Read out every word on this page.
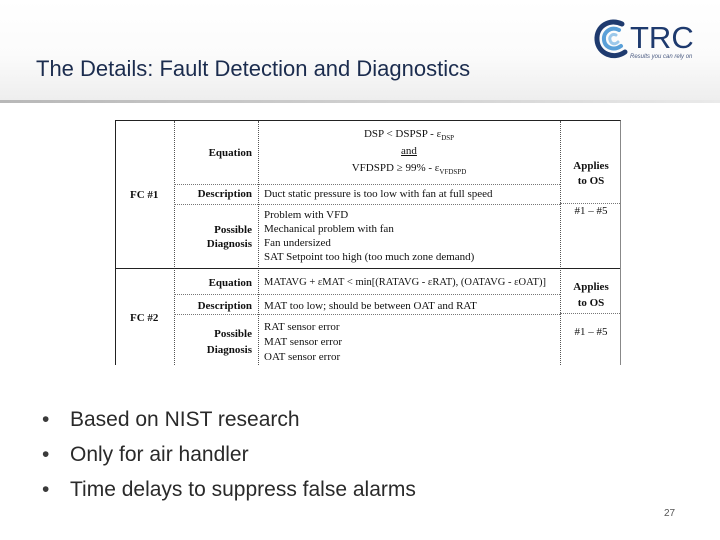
The Details: Fault Detection and Diagnostics
TRC
Results you can rely on
FC #1
Equation
DSP < DSPSP - $\varepsilon_{DSP}$
and
VFDSPD ≥ $99\% - \varepsilon_{VFDSPD}$
Description Duct static pressure is too low with fan at full speed
Possible
Diagnosis
Problem with VFD
Mechanical problem with fan
Fan undersized
SAT Setpoint too high (too much zone demand)
Applies
to OS
#1 – #5
FC #2
Equation MATAVG + εMAT < min[(RATAVG - εRAT), (OATAVG - εOAT)]
Description MAT too low; should be between OAT and RAT
Possible
Diagnosis
RAT sensor error
MAT sensor error
OAT sensor error
Applies
to OS
#1 – #5
• Based on NIST research
• Only for air handler
• Time delays to suppress false alarms
27
